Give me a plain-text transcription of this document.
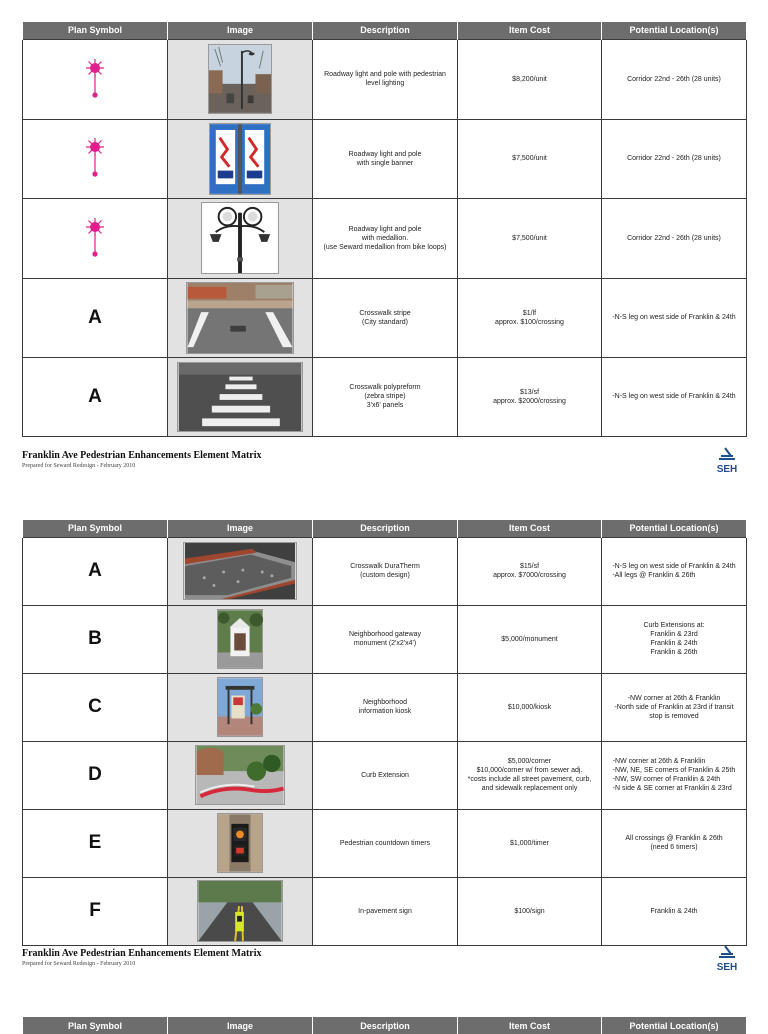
Plan Symbol	Image	Description	Item Cost	Potential Location(s)

	Roadway light and pole with pedestrian
level lighting	$8,200/unit	Corridor 22nd - 26th (28 units)

	Roadway light and pole
with single banner	$7,500/unit	Corridor 22nd - 26th (28 units)

	Roadway light and pole
with medallion.
(use Seward medallion from bike loops)	$7,500/unit	Corridor 22nd - 26th (28 units)
A		Crosswalk stripe
(City standard)	$1/lf
approx. $100/crossing	-N-S leg on west side of Franklin & 24th
A		Crosswalk polypreform
(zebra stripe)
3'x6' panels	$13/sf
approx. $2000/crossing	-N-S leg on west side of Franklin & 24th
Franklin Ave Pedestrian Enhancements Element Matrix
Prepared for Seward Redesign - February 2010	SEH
Plan Symbol	Image	Description	Item Cost	Potential Location(s)
A		Crosswalk DuraTherm
(custom design)	$15/sf
approx. $7000/crossing	-N-S leg on west side of Franklin & 24th
-All legs @ Franklin & 26th
B		Neighborhood gateway
monument (2'x2'x4')	$5,000/monument	Curb Extensions at:
Franklin & 23rd
Franklin & 24th
Franklin & 26th
C		Neighborhood
information kiosk	$10,000/kiosk	-NW corner at 26th & Franklin
-North side of Franklin at 23rd if transit
stop is removed
D		Curb Extension	$5,000/corner
$10,000/corner w/ from sewer adj.
*costs include all street pavement, curb,
and sidewalk replacement only	-NW corner at 26th & Franklin
-NW, NE, SE corners of Franklin & 25th
-NW, SW corner of Franklin & 24th
-N side & SE corner at Franklin & 23rd
E		Pedestrian countdown timers	$1,000/timer	All crossings @ Franklin & 26th
(need 6 timers)
F		In-pavement sign	$100/sign	Franklin & 24th
Franklin Ave Pedestrian Enhancements Element Matrix
Prepared for Seward Redesign - February 2010	SEH
Plan Symbol	Image	Description	Item Cost	Potential Location(s)
